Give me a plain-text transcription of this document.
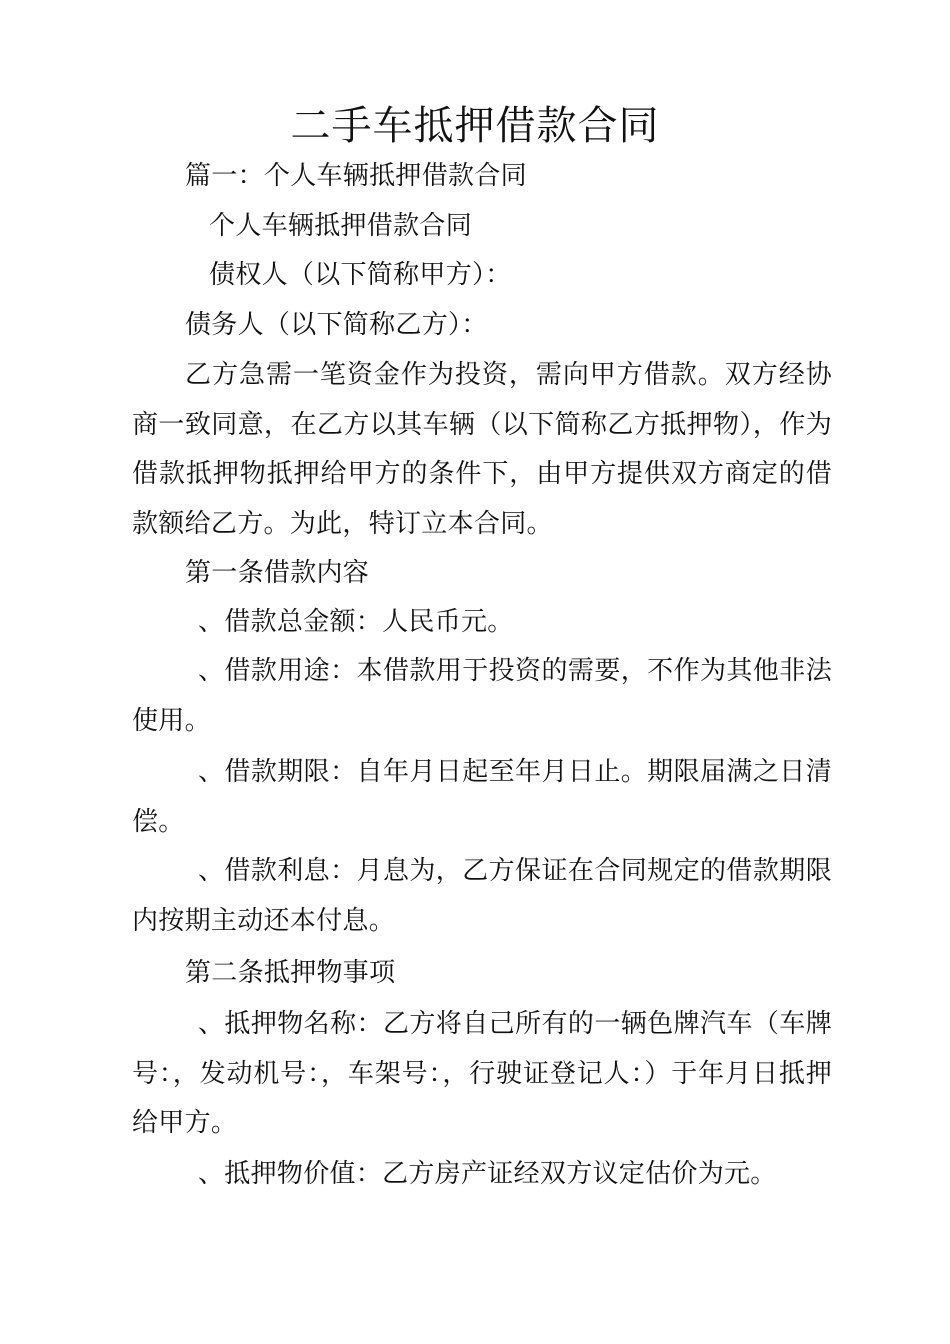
二手车抵押借款合同
篇一：个人车辆抵押借款合同
个人车辆抵押借款合同
债权人（以下简称甲方）：
债务人（以下简称乙方）：
乙方急需一笔资金作为投资，需向甲方借款。双方经协商一致同意，在乙方以其车辆（以下简称乙方抵押物），作为借款抵押物抵押给甲方的条件下，由甲方提供双方商定的借款额给乙方。为此，特订立本合同。
第一条借款内容
、借款总金额：人民币元。
、借款用途：本借款用于投资的需要，不作为其他非法使用。
、借款期限：自年月日起至年月日止。期限届满之日清偿。
、借款利息：月息为，乙方保证在合同规定的借款期限内按期主动还本付息。
第二条抵押物事项
、抵押物名称：乙方将自己所有的一辆色牌汽车（车牌号：，发动机号：，车架号：，行驶证登记人：）于年月日抵押给甲方。
、抵押物价值：乙方房产证经双方议定估价为元。
